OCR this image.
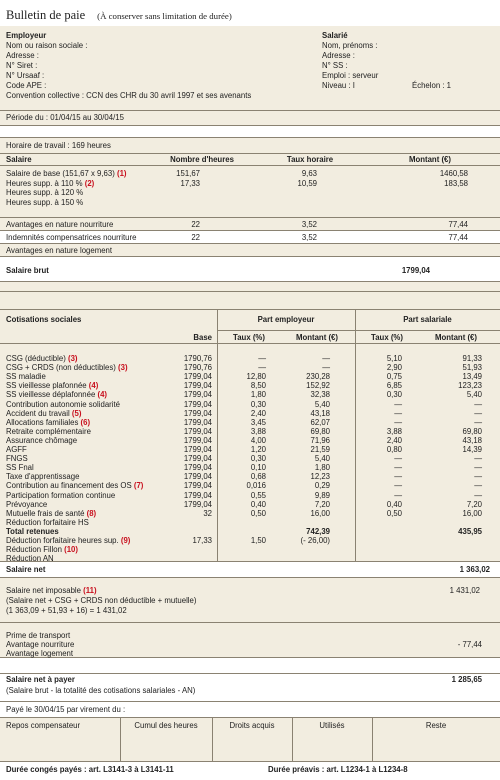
Bulletin de paie (À conserver sans limitation de durée)
Employeur
Nom ou raison sociale :
Adresse :
N° Siret :
N° Ursaaf :
Code APE :
Convention collective : CCN des CHR du 30 avril 1997 et ses avenants
Salarié
Nom, prénoms :
Adresse :
N° SS :
Emploi : serveur
Niveau : I	Échelon : 1
Période du : 01/04/15 au 30/04/15
Horaire de travail : 169 heures
Salaire	Nombre d'heures	Taux horaire	Montant (€)
Salaire de base (151,67 x 9,63) (1)	151,67	9,63	1460,58
Heures supp. à 110 % (2)	17,33	10,59	183,58
Heures supp. à 120 %
Heures supp. à 150 %
Avantages en nature nourriture	22	3,52	77,44
Indemnités compensatrices nourriture	22	3,52	77,44
Avantages en nature logement
Salaire brut	1799,04
Cotisations sociales	Part employeur	Part salariale
Base	Taux (%)	Montant (€)	Taux (%)	Montant (€)
CSG (déductible) (3)	1790,76	—	—	5,10	91,33
CSG + CRDS (non déductibles) (3)	1790,76	—	—	2,90	51,93
SS maladie	1799,04	12,80	230,28	0,75	13,49
SS vieillesse plafonnée (4)	1799,04	8,50	152,92	6,85	123,23
SS vieillesse déplafonnée (4)	1799,04	1,80	32,38	0,30	5,40
Contribution autonomie solidarité	1799,04	0,30	5,40	—	—
Accident du travail (5)	1799,04	2,40	43,18	—	—
Allocations familiales (6)	1799,04	3,45	62,07	—	—
Retraite complémentaire	1799,04	3,88	69,80	3,88	69,80
Assurance chômage	1799,04	4,00	71,96	2,40	43,18
AGFF	1799,04	1,20	21,59	0,80	14,39
FNGS	1799,04	0,30	5,40	—	—
SS Fnal	1799,04	0,10	1,80	—	—
Taxe d'apprentissage	1799,04	0,68	12,23	—	—
Contribution au financement des OS (7)	1799,04	0,016	0,29	—	—
Participation formation continue	1799,04	0,55	9,89	—	—
Prévoyance	1799,04	0,40	7,20	0,40	7,20
Mutuelle frais de santé (8)	32	0,50	16,00	0,50	16,00
Réduction forfaitaire HS
Total retenues	742,39	435,95
Déduction forfaitaire heures sup. (9)	17,33	1,50	(- 26,00)
Réduction Fillon (10)
Réduction AN
Salaire net	1 363,02
Salaire net imposable (11)	1 431,02
(Salaire net + CSG + CRDS non déductible + mutuelle)
(1 363,09 + 51,93 + 16) = 1 431,02
Prime de transport
Avantage nourriture	- 77,44
Avantage logement
Salaire net à payer	1 285,65
(Salaire brut - la totalité des cotisations salariales - AN)
Payé le 30/04/15 par virement du :
Repos compensateur	Cumul des heures	Droits acquis	Utilisés	Reste
Durée congés payés : art. L3141-3 à L3141-11	Durée préavis : art. L1234-1 à L1234-8
